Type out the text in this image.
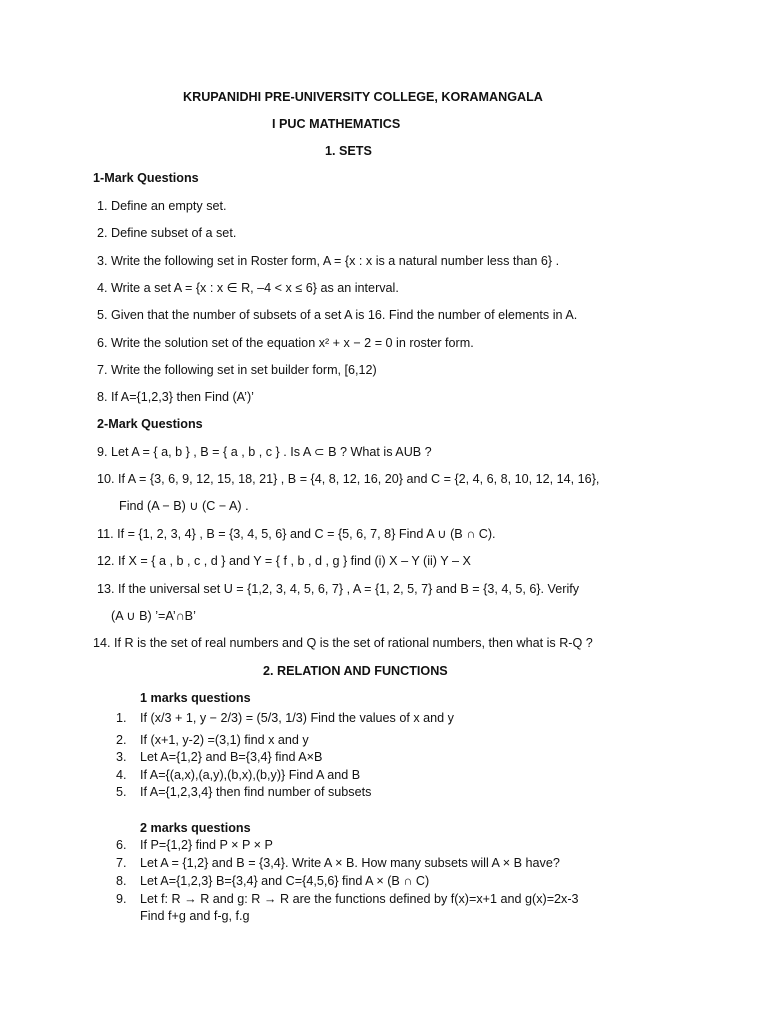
KRUPANIDHI PRE-UNIVERSITY COLLEGE, KORAMANGALA
I PUC MATHEMATICS
1. SETS
1-Mark Questions
1. Define an empty set.
2. Define subset of a set.
3. Write the following set in Roster form, A = {x : x is a natural number less than 6} .
4. Write a set A = {x : x ∈ R, –4 < x ≤ 6} as an interval.
5. Given that the number of subsets of a set A is 16. Find the number of elements in A.
6. Write the solution set of the equation x² + x − 2 = 0 in roster form.
7. Write the following set in set builder form, [6,12)
8. If A={1,2,3} then Find (A’)’
2-Mark Questions
9. Let A = { a, b } , B = { a , b , c } . Is A ⊂ B ? What is AUB ?
10. If A = {3, 6, 9, 12, 15, 18, 21} , B = {4, 8, 12, 16, 20} and C = {2, 4, 6, 8, 10, 12, 14, 16},
Find (A − B) ∪ (C − A) .
11. If = {1, 2, 3, 4} , B = {3, 4, 5, 6} and C = {5, 6, 7, 8} Find A ∪ (B ∩ C).
12. If X = { a , b , c , d } and Y = { f , b , d , g } find (i) X – Y (ii) Y – X
13. If the universal set U = {1,2, 3, 4, 5, 6, 7} , A = {1, 2, 5, 7} and B = {3, 4, 5, 6}. Verify
(A ∪ B) ’=A’∩B’
14. If R is the set of real numbers and Q is the set of rational numbers, then what is R-Q ?
2. RELATION AND FUNCTIONS
1 marks questions
1. If (x/3 + 1, y − 2/3) = (5/3, 1/3) Find the values of x and y
2. If (x+1, y-2) =(3,1) find x and y
3. Let A={1,2} and B={3,4} find A×B
4. If A={(a,x),(a,y),(b,x),(b,y)} Find A and B
5. If A={1,2,3,4} then find number of subsets
2 marks questions
6. If P={1,2} find P × P × P
7. Let A = {1,2} and B = {3,4}. Write A × B. How many subsets will A × B have?
8. Let A={1,2,3} B={3,4} and C={4,5,6} find A × (B ∩ C)
9. Let f: R → R and g: R → R are the functions defined by f(x)=x+1 and g(x)=2x-3
Find f+g and f-g, f.g
